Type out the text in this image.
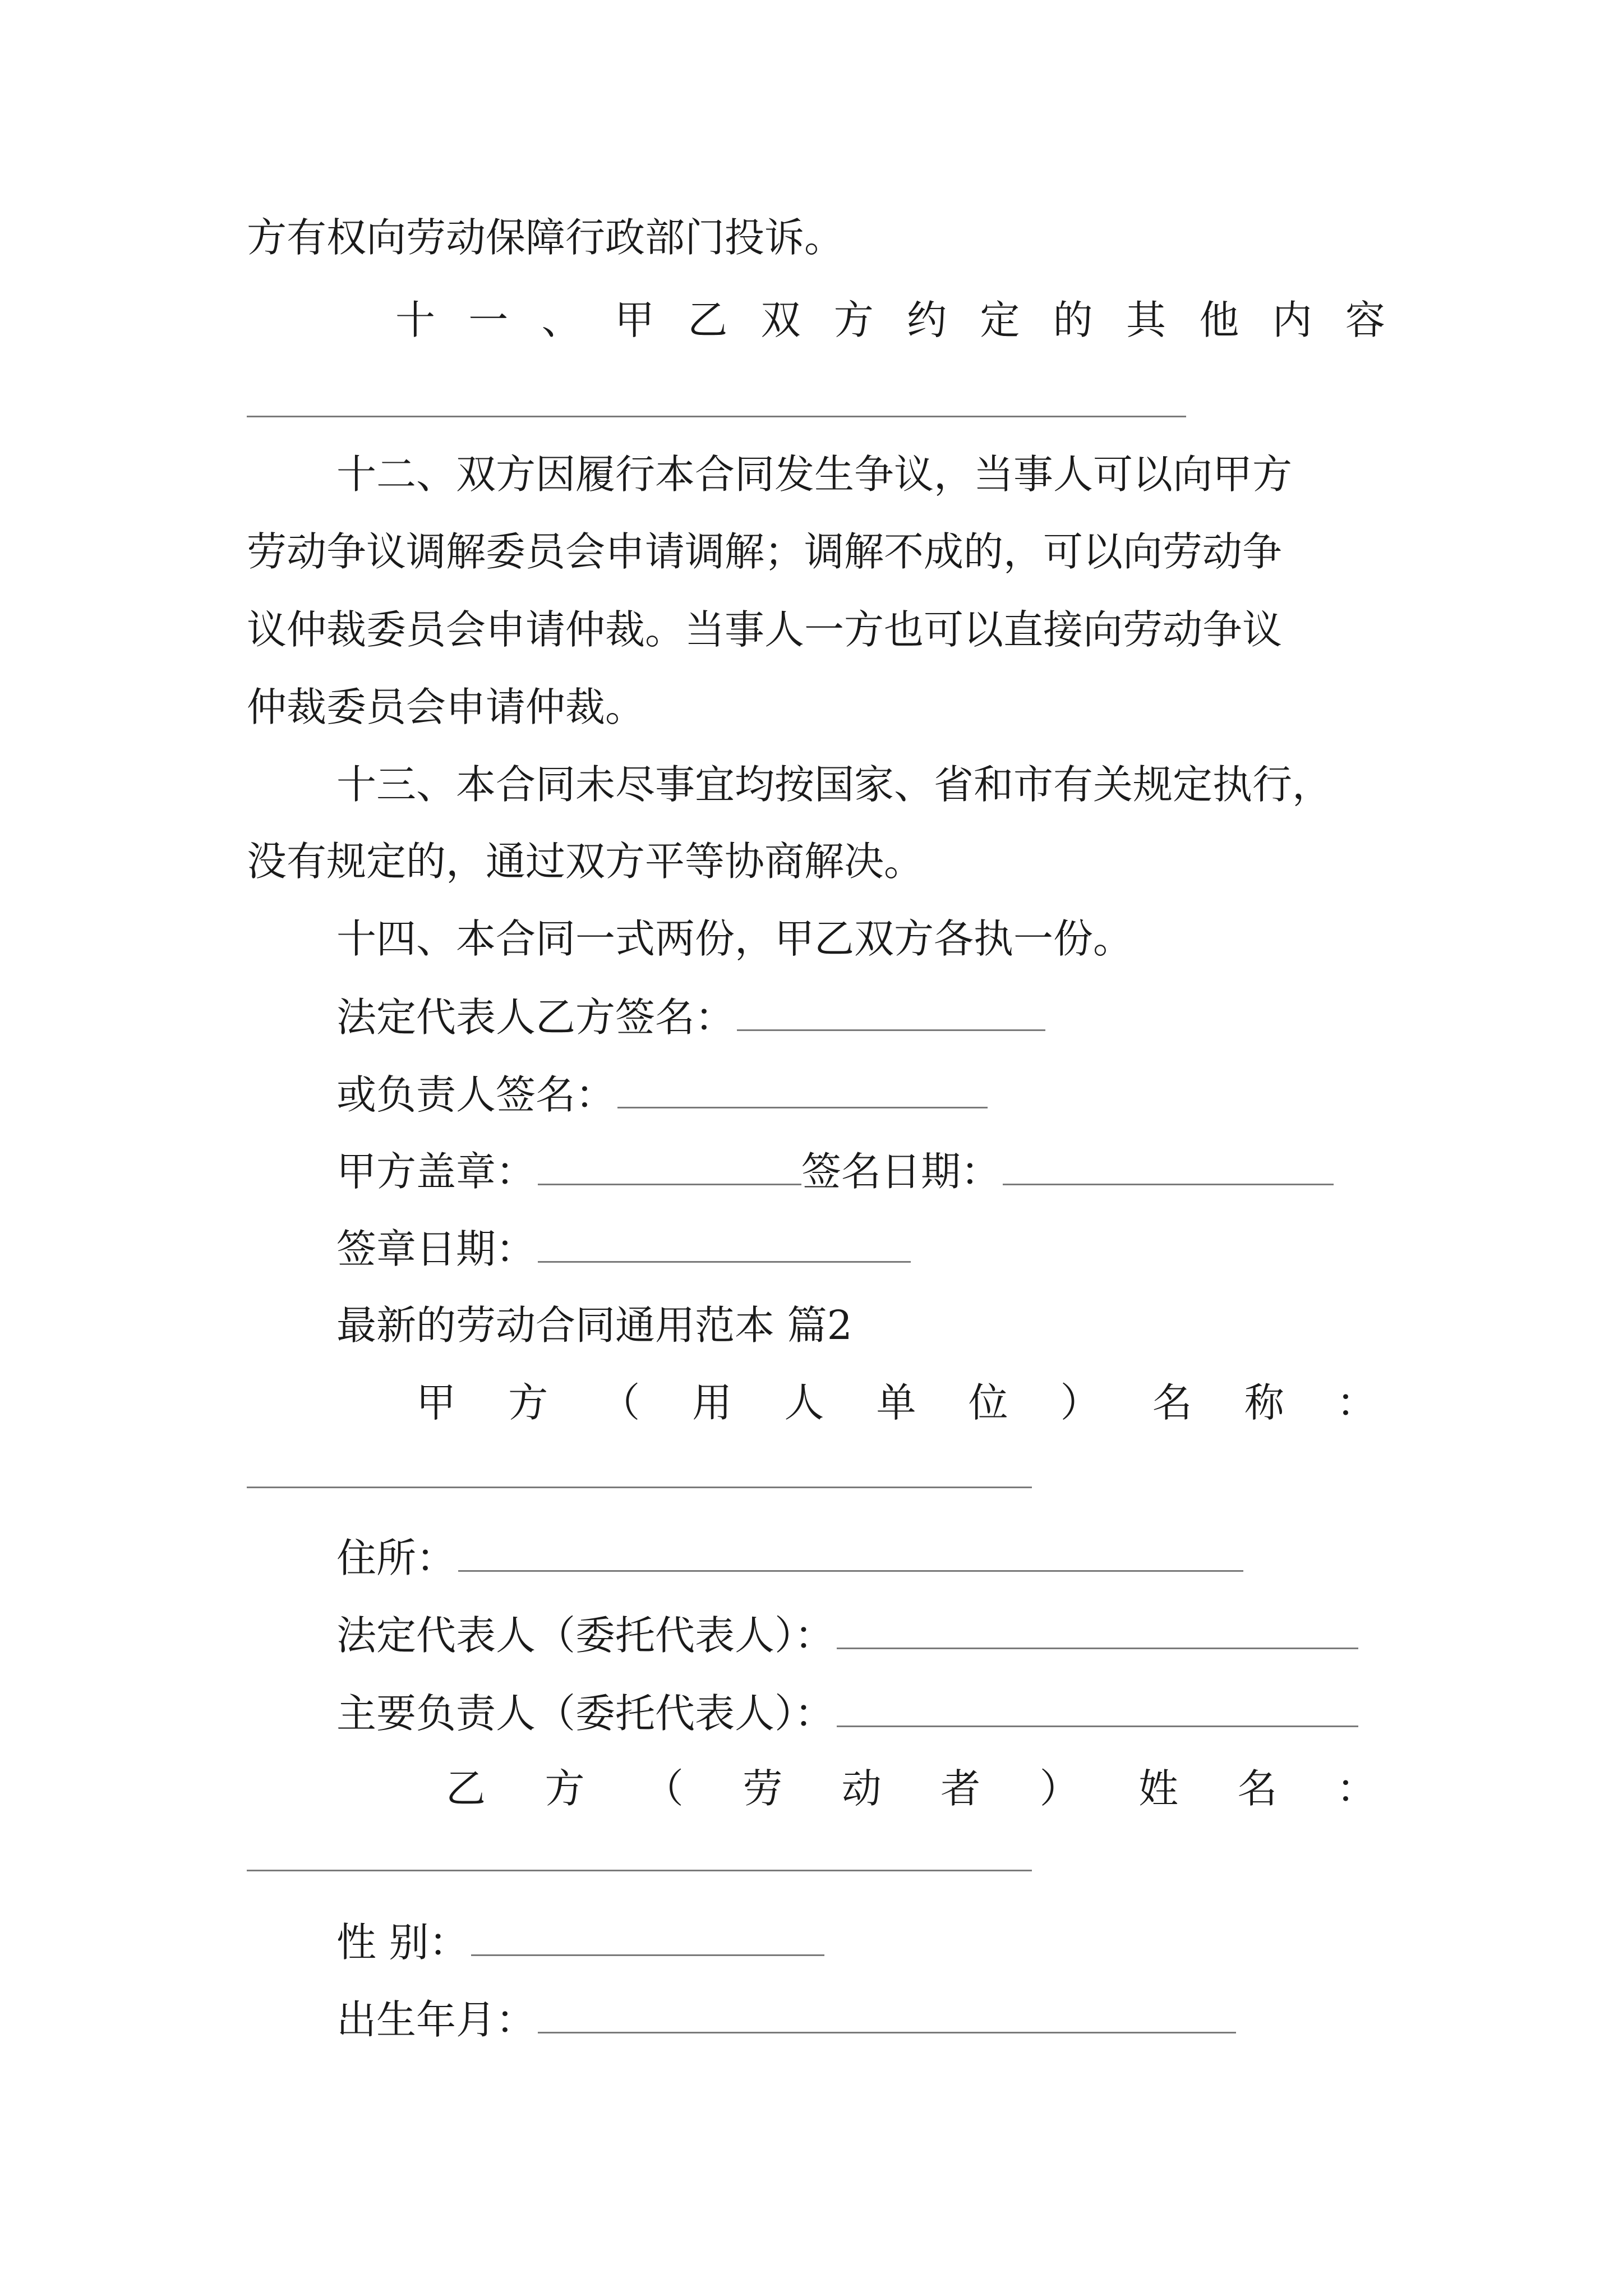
方有权向劳动保障行政部门投诉。
十 一 、 甲 乙 双 方 约 定 的 其 他 内 容
十二、双方因履行本合同发生争议，当事人可以向甲方
劳动争议调解委员会申请调解；调解不成的，可以向劳动争
议仲裁委员会申请仲裁。当事人一方也可以直接向劳动争议
仲裁委员会申请仲裁。
十三、本合同未尽事宜均按国家、省和市有关规定执行，
没有规定的，通过双方平等协商解决。
十四、本合同一式两份，甲乙双方各执一份。
法定代表人乙方签名：
或负责人签名：
甲方盖章：	签名日期：
签章日期：
最新的劳动合同通用范本 篇2
甲 方 （ 用 人 单 位 ） 名 称 ：
住所：
法定代表人（委托代表人）：
主要负责人（委托代表人）：
乙 方 （ 劳 动 者 ） 姓 名 ：
性 别：
出生年月：
